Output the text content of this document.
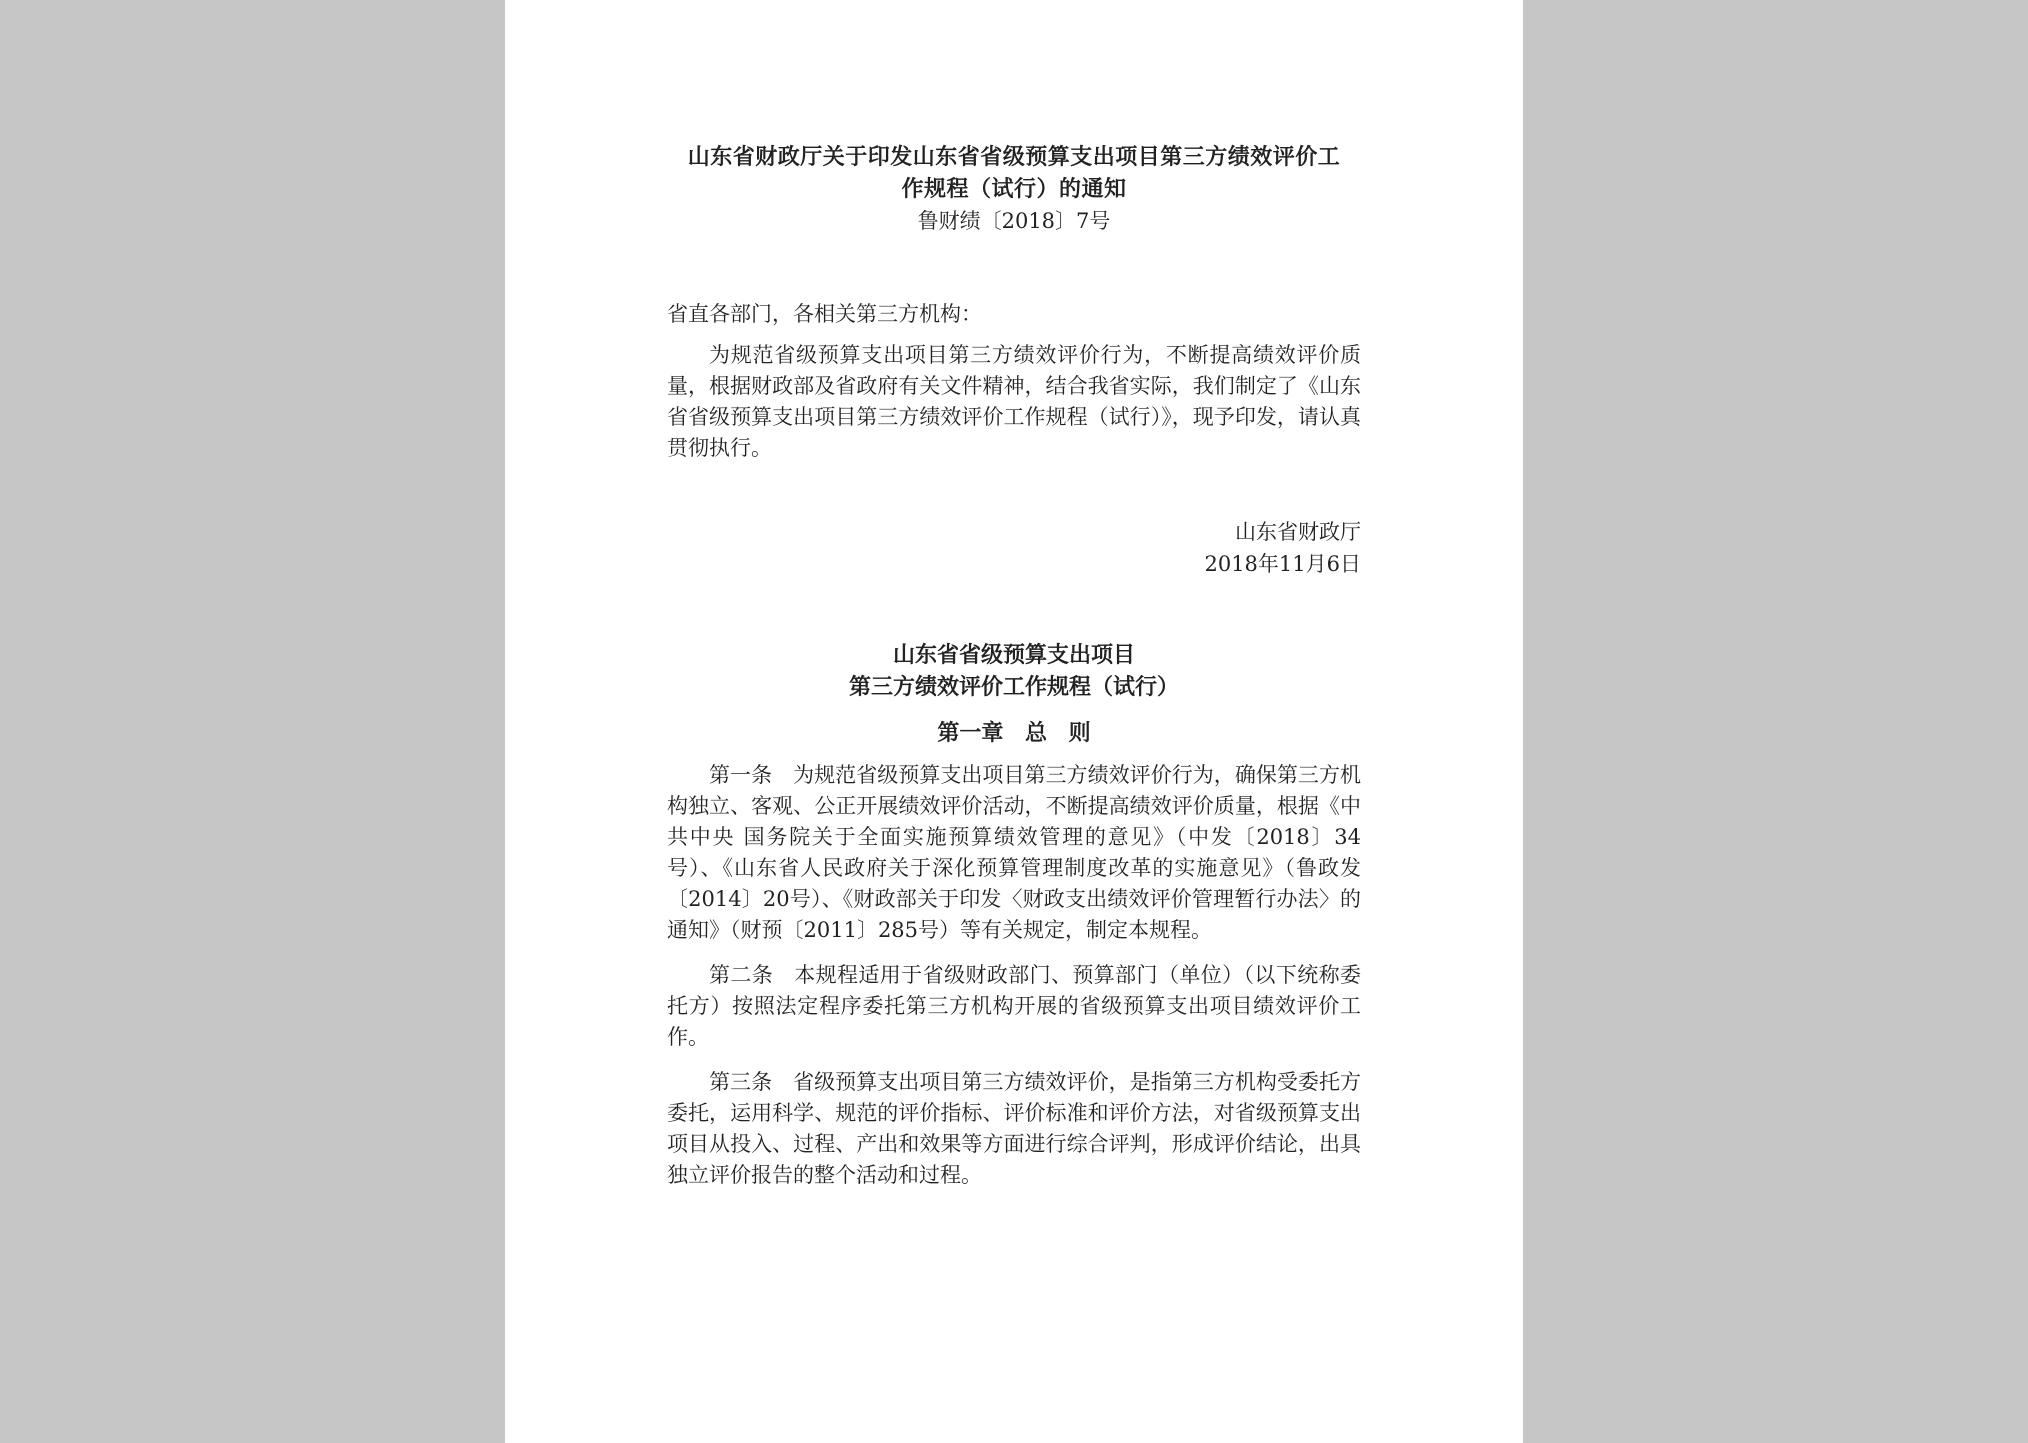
山东省财政厅关于印发山东省省级预算支出项目第三方绩效评价工
作规程（试行）的通知

鲁财绩〔2018〕7号

省直各部门，各相关第三方机构：

为规范省级预算支出项目第三方绩效评价行为，不断提高绩效评价质量，根据财政部及省政府有关文件精神，结合我省实际，我们制定了《山东省省级预算支出项目第三方绩效评价工作规程（试行）》，现予印发，请认真贯彻执行。

山东省财政厅
2018年11月6日
山东省省级预算支出项目
第三方绩效评价工作规程（试行）
第一章 总 则

第一条 为规范省级预算支出项目第三方绩效评价行为，确保第三方机构独立、客观、公正开展绩效评价活动，不断提高绩效评价质量，根据《中共中央 国务院关于全面实施预算绩效管理的意见》（中发〔2018〕34号）、《山东省人民政府关于深化预算管理制度改革的实施意见》（鲁政发〔2014〕20号）、《财政部关于印发〈财政支出绩效评价管理暂行办法〉的通知》（财预〔2011〕285号）等有关规定，制定本规程。

第二条 本规程适用于省级财政部门、预算部门（单位）（以下统称委托方）按照法定程序委托第三方机构开展的省级预算支出项目绩效评价工作。

第三条 省级预算支出项目第三方绩效评价，是指第三方机构受委托方委托，运用科学、规范的评价指标、评价标准和评价方法，对省级预算支出项目从投入、过程、产出和效果等方面进行综合评判，形成评价结论，出具独立评价报告的整个活动和过程。
